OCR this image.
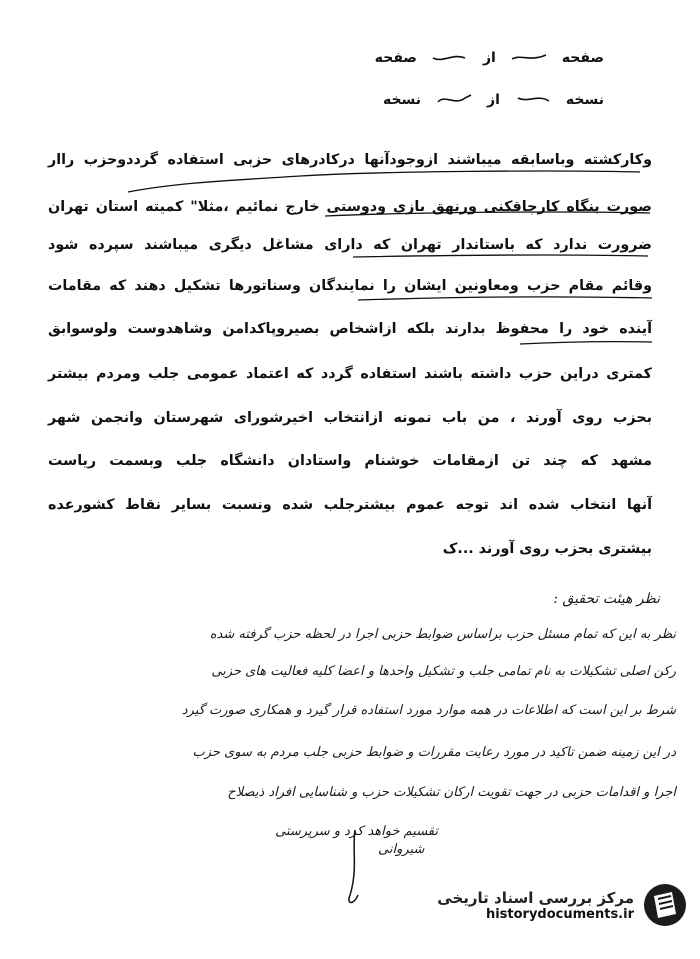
صفحه
از
صفحه
نسخه
از
نسخه
وکارکشته وباسابقه میباشند ازوجودآنها درکادرهای حزبی استفاده گرددوحزب راار
صورت بنگاه کارچاقکنی ورنهق بازی ودوستی خارج نمائیم ،مثلا" کمیته استان تهران
ضرورت ندارد که باستاندار تهران که دارای مشاغل دیگری میباشند سپرده شود
وقائم مقام حزب ومعاونین ایشان را نمایندگان وسناتورها تشکیل دهند که مقامات
آینده خود را محفوظ بدارند بلکه ازاشخاص بصیروپاکدامن وشاهدوست ولوسوابق
کمتری دراین حزب داشته باشند استفاده گردد که اعتماد عمومی جلب ومردم بیشتر
بحزب روی آورند ، من باب نمونه ازانتخاب اخیرشورای شهرستان وانجمن شهر
مشهد که چند تن ازمقامات خوشنام واستادان دانشگاه جلب وبسمت ریاست
آنها انتخاب شده اند توجه عموم بیشترجلب شده ونسبت بسایر نقاط کشورعده
بیشتری بحزب روی آورند ...ک
نظر هیئت تحقیق :
نظر به این که تمام مسئل حزب براساس ضوابط حزبی اجرا در لحظه حزب گرفته شده
رکن اصلی تشکیلات به نام تمامی جلب و تشکیل واحدها و اعضا کلیه فعالیت های حزبی
شرط بر این است که اطلاعات در همه موارد مورد استفاده قرار گیرد و همکاری صورت گیرد
در این زمینه ضمن تاکید در مورد رعایت مقررات و ضوابط حزبی جلب مردم به سوی حزب
اجرا و اقدامات حزبی در جهت تقویت ارکان تشکیلات حزب و شناسایی افراد ذیصلاح
تقسیم خواهد کرد و سرپرستی
شیروانی
مرکز بررسی اسناد تاریخی
historydocuments.ir
